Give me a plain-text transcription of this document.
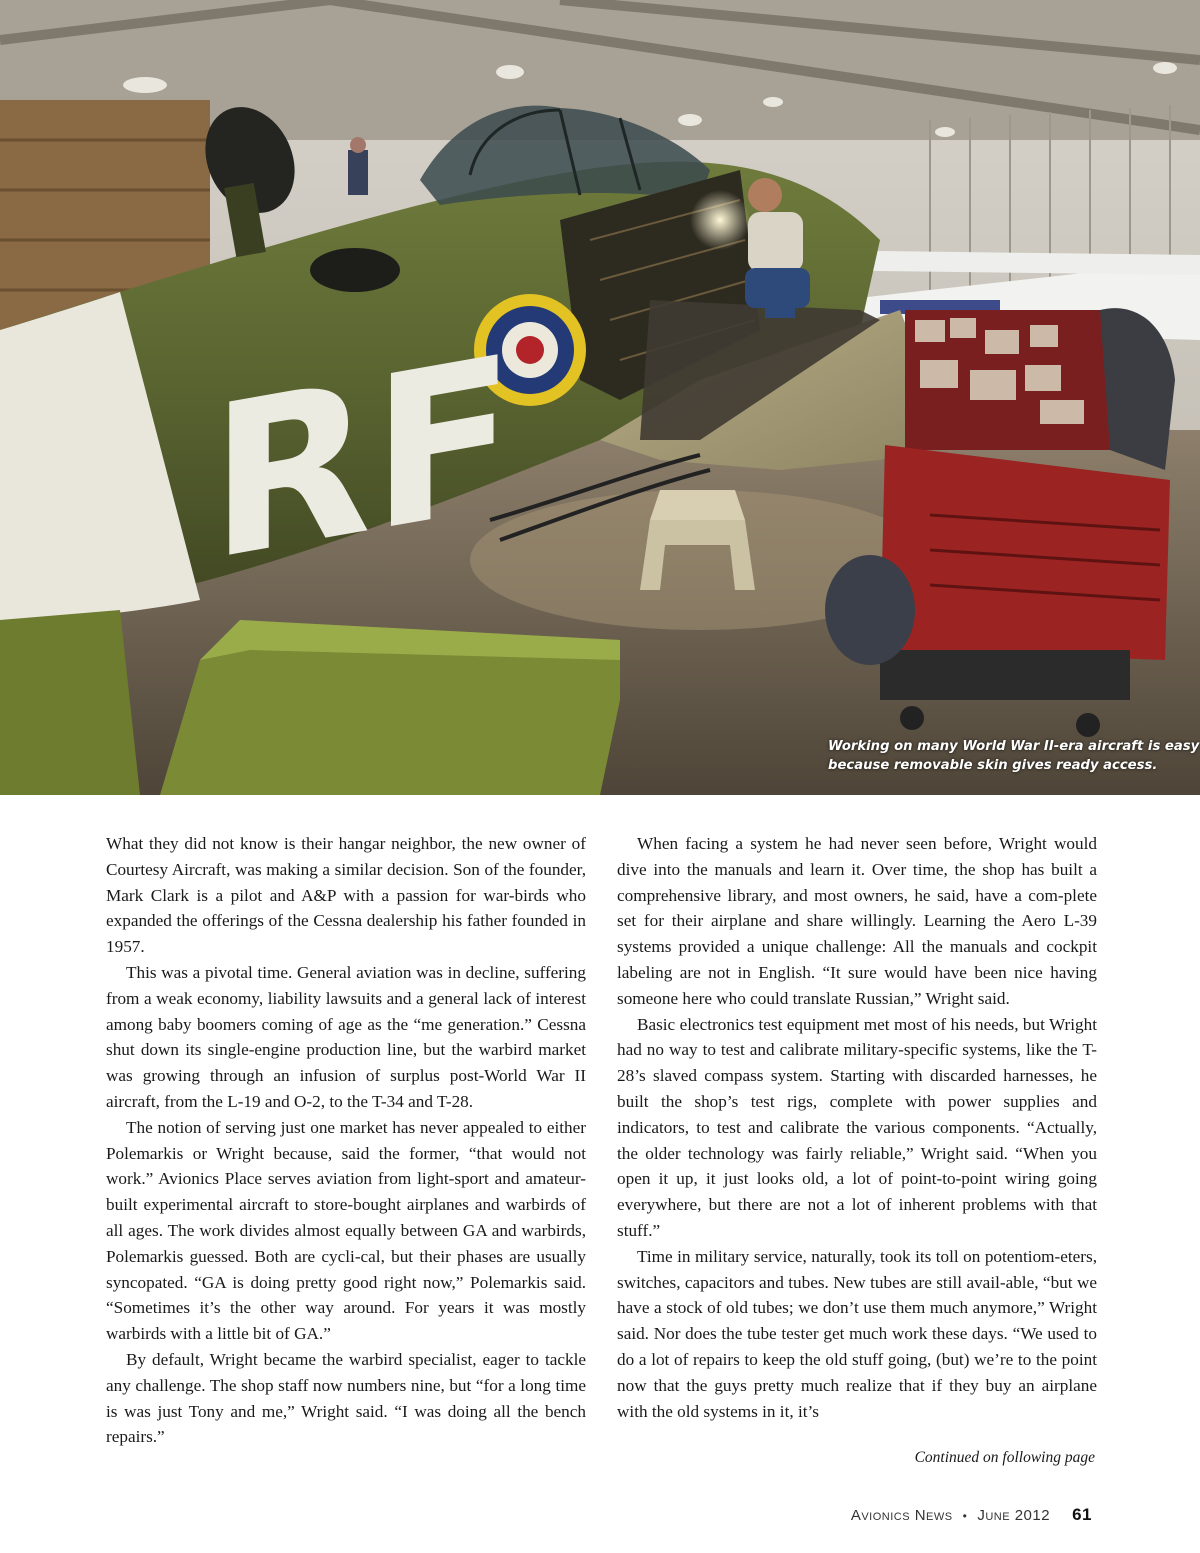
RF
Working on many World War II-era aircraft is easy
because removable skin gives ready access.

What they did not know is their hangar neighbor, the new owner of Courtesy Aircraft, was making a similar decision. Son of the founder, Mark Clark is a pilot and A&P with a passion for war-birds who expanded the offerings of the Cessna dealership his father founded in 1957.

This was a pivotal time. General aviation was in decline, suffering from a weak economy, liability lawsuits and a general lack of interest among baby boomers coming of age as the “me generation.” Cessna shut down its single-engine production line, but the warbird market was growing through an infusion of surplus post-World War II aircraft, from the L-19 and O-2, to the T-34 and T-28.

The notion of serving just one market has never appealed to either Polemarkis or Wright because, said the former, “that would not work.” Avionics Place serves aviation from light-sport and amateur-built experimental aircraft to store-bought airplanes and warbirds of all ages. The work divides almost equally between GA and warbirds, Polemarkis guessed. Both are cycli-cal, but their phases are usually syncopated. “GA is doing pretty good right now,” Polemarkis said. “Sometimes it’s the other way around. For years it was mostly warbirds with a little bit of GA.”

By default, Wright became the warbird specialist, eager to tackle any challenge. The shop staff now numbers nine, but “for a long time is was just Tony and me,” Wright said. “I was doing all the bench repairs.”

When facing a system he had never seen before, Wright would dive into the manuals and learn it. Over time, the shop has built a comprehensive library, and most owners, he said, have a com-plete set for their airplane and share willingly. Learning the Aero L-39 systems provided a unique challenge: All the manuals and cockpit labeling are not in English. “It sure would have been nice having someone here who could translate Russian,” Wright said.

Basic electronics test equipment met most of his needs, but Wright had no way to test and calibrate military-specific systems, like the T-28’s slaved compass system. Starting with discarded harnesses, he built the shop’s test rigs, complete with power supplies and indicators, to test and calibrate the various components. “Actually, the older technology was fairly reliable,” Wright said. “When you open it up, it just looks old, a lot of point-to-point wiring going everywhere, but there are not a lot of inherent problems with that stuff.”

Time in military service, naturally, took its toll on potentiom-eters, switches, capacitors and tubes. New tubes are still avail-able, “but we have a stock of old tubes; we don’t use them much anymore,” Wright said. Nor does the tube tester get much work these days. “We used to do a lot of repairs to keep the old stuff going, (but) we’re to the point now that the guys pretty much realize that if they buy an airplane with the old systems in it, it’s

Continued on following page
Avionics News • June 2012 61
